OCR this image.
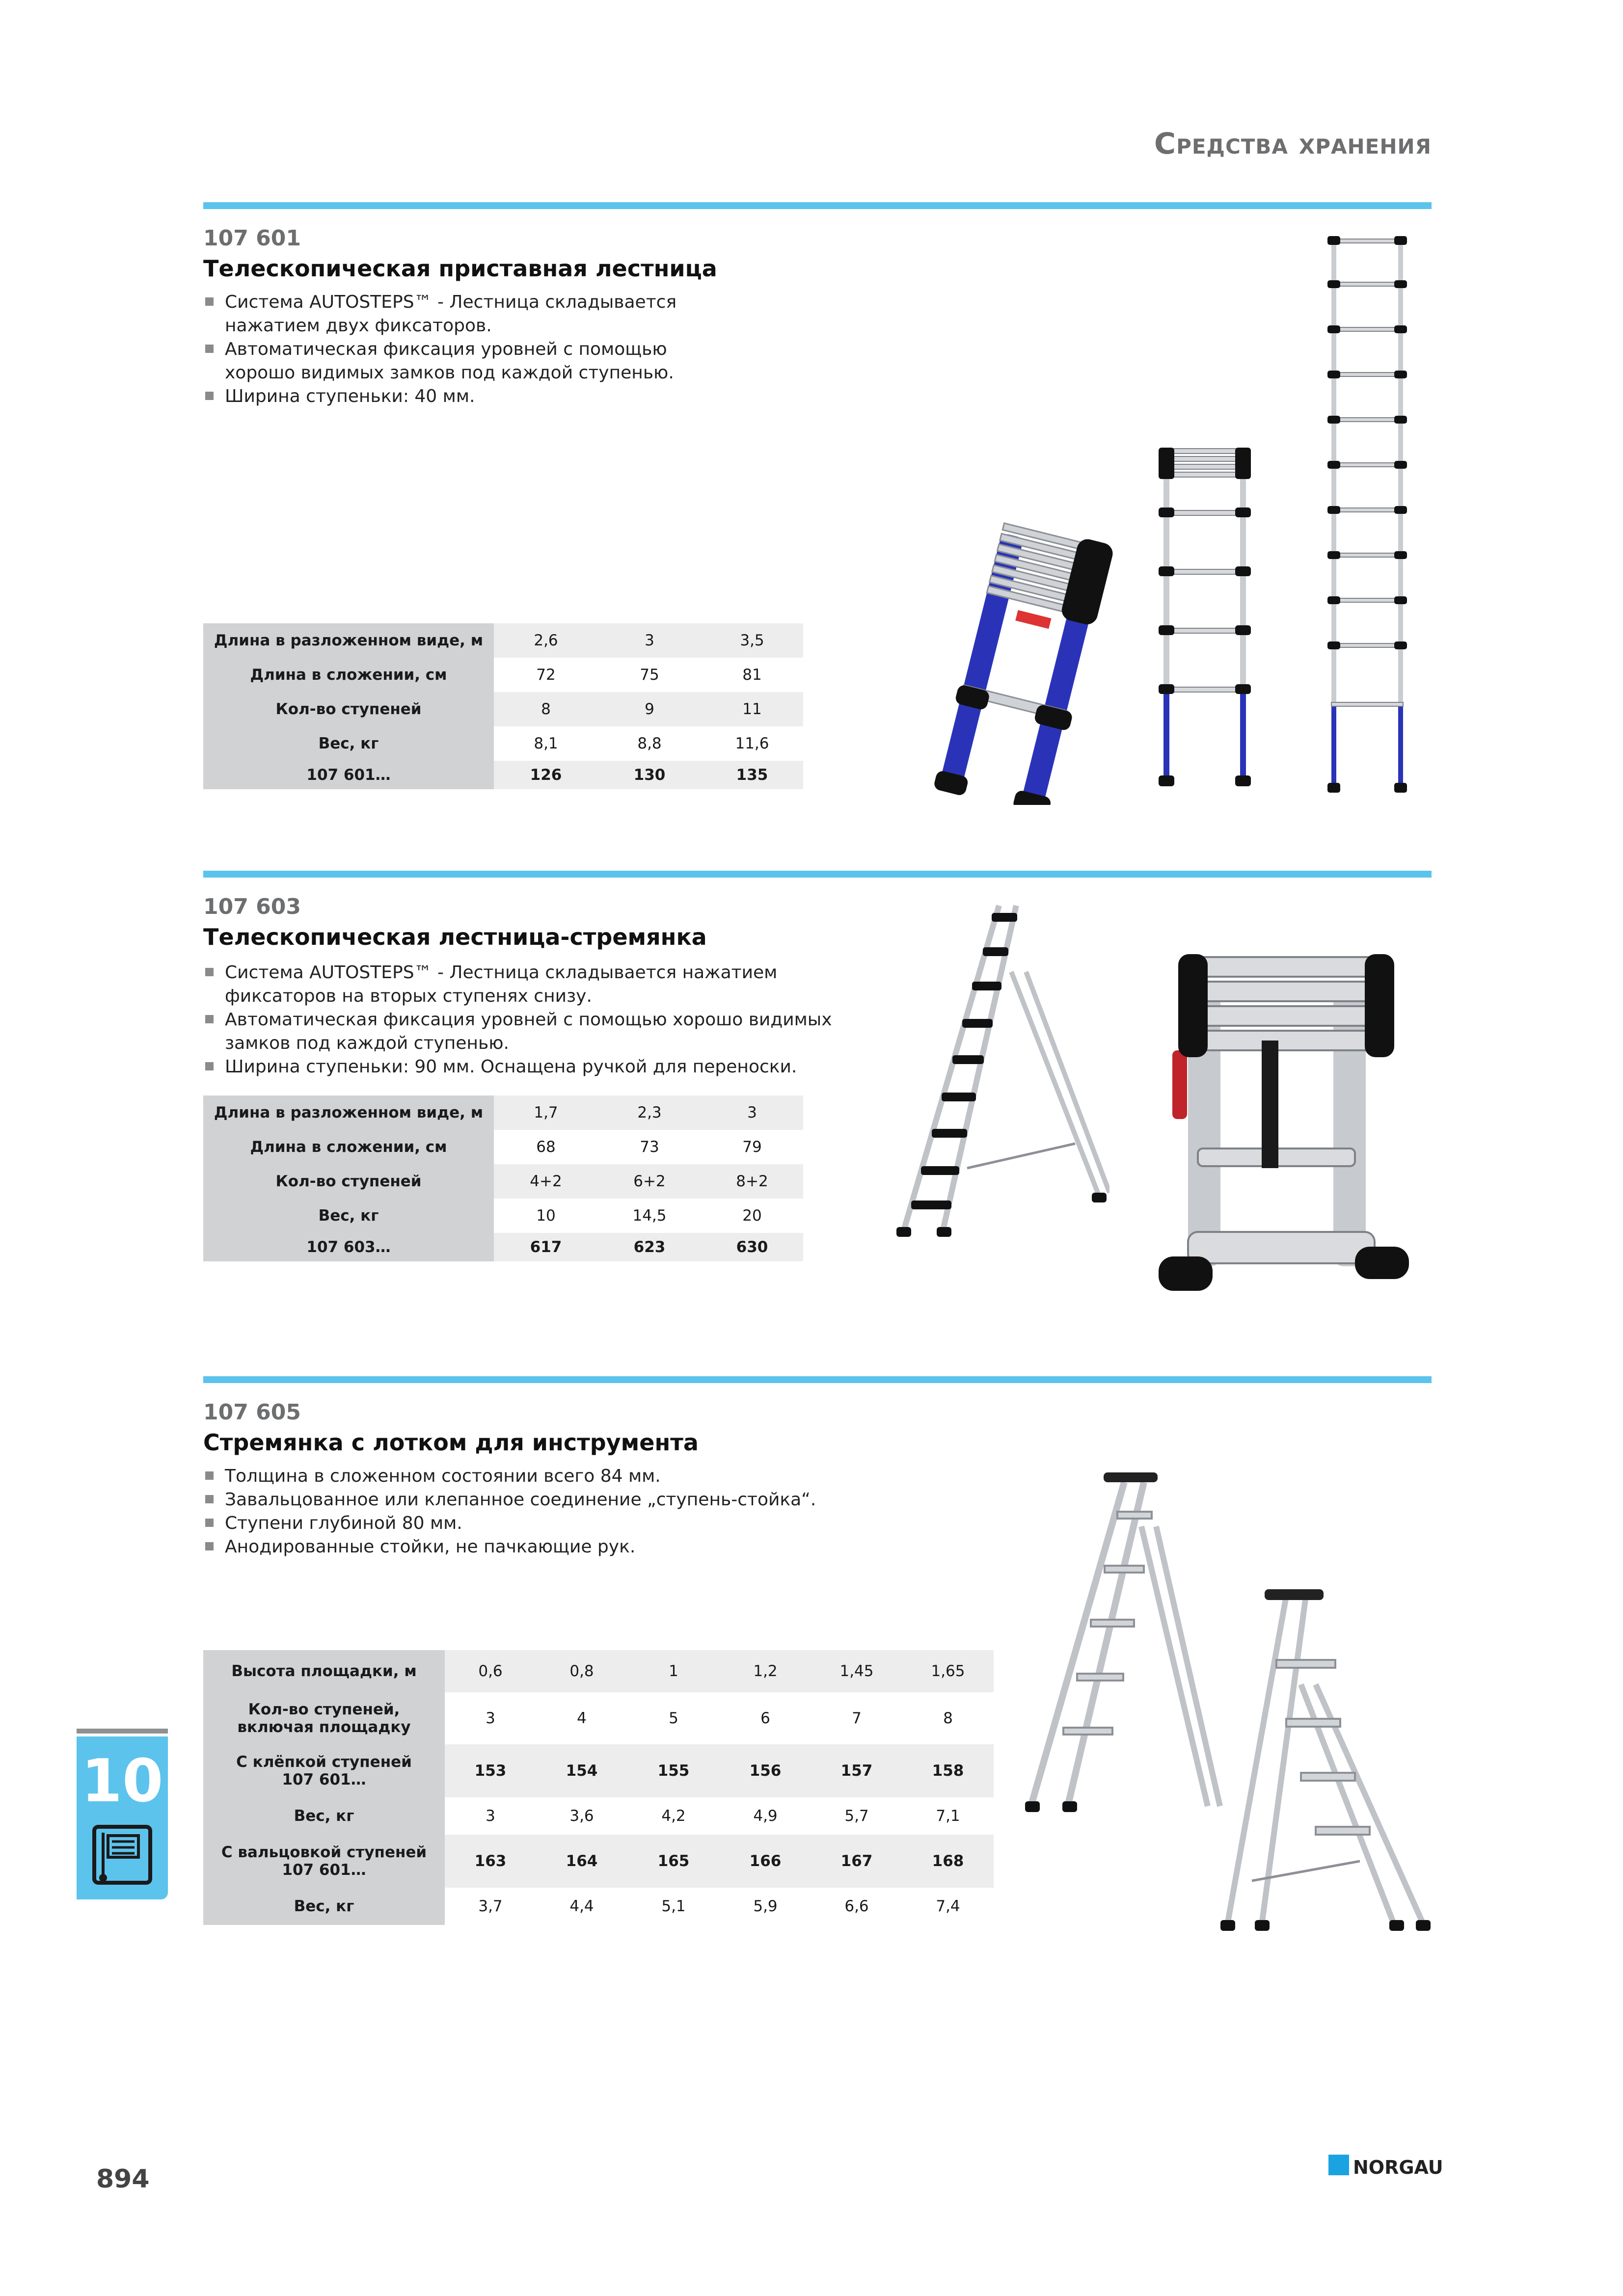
Средства хранения
107 601
Телескопическая приставная лестница
Система AUTOSTEPS™ - Лестница складывается
нажатием двух фиксаторов.
Автоматическая фиксация уровней с помощью
хорошо видимых замков под каждой ступенью.
Ширина ступеньки: 40 мм.
Длина в разложенном виде, м	2,6	3	3,5
Длина в сложении, см	72	75	81
Кол-во ступеней	8	9	11
Вес, кг	8,1	8,8	11,6
107 601…	126	130	135
107 603
Телескопическая лестница-стремянка
Система AUTOSTEPS™ - Лестница складывается нажатием
фиксаторов на вторых ступенях снизу.
Автоматическая фиксация уровней с помощью хорошо видимых
замков под каждой ступенью.
Ширина ступеньки: 90 мм. Оснащена ручкой для переноски.
Длина в разложенном виде, м	1,7	2,3	3
Длина в сложении, см	68	73	79
Кол-во ступеней	4+2	6+2	8+2
Вес, кг	10	14,5	20
107 603…	617	623	630
107 605
Стремянка с лотком для инструмента
Толщина в сложенном состоянии всего 84 мм.
Завальцованное или клепанное соединение „ступень-стойка“.
Ступени глубиной 80 мм.
Анодированные стойки, не пачкающие рук.
Высота площадки, м	0,6	0,8	1	1,2	1,45	1,65
Кол-во ступеней,
включая площадку	3	4	5	6	7	8
С клёпкой ступеней
107 601…	153	154	155	156	157	158
Вес, кг	3	3,6	4,2	4,9	5,7	7,1
С вальцовкой ступеней
107 601…	163	164	165	166	167	168
Вес, кг	3,7	4,4	5,1	5,9	6,6	7,4
10
894	NORGAU
